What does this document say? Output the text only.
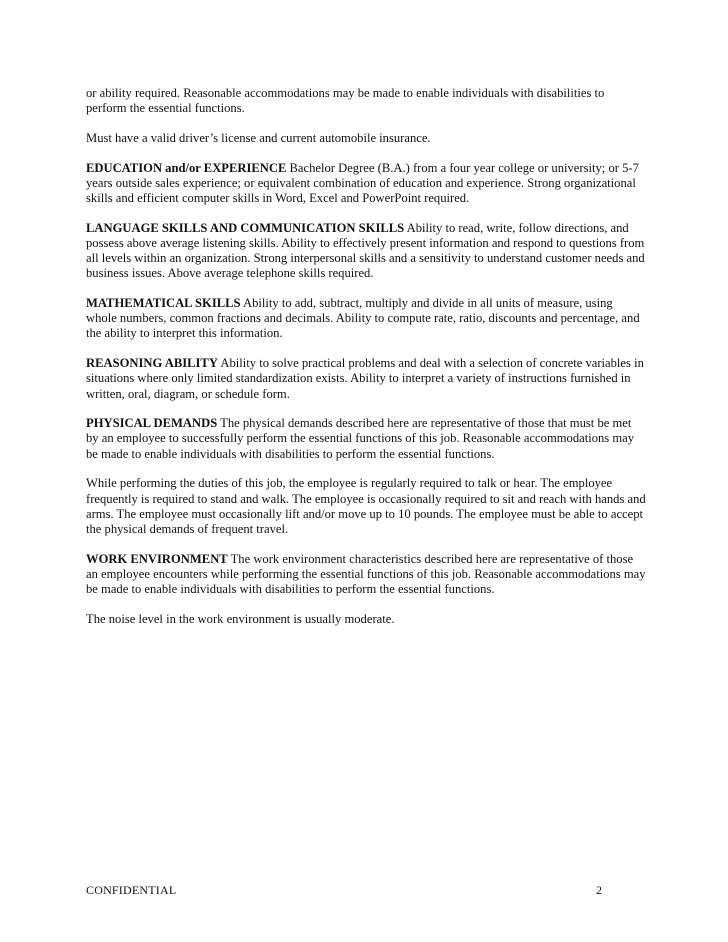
or ability required. Reasonable accommodations may be made to enable individuals with disabilities to perform the essential functions.

Must have a valid driver’s license and current automobile insurance.

EDUCATION and/or EXPERIENCE Bachelor Degree (B.A.) from a four year college or university; or 5-7 years outside sales experience; or equivalent combination of education and experience. Strong organizational skills and efficient computer skills in Word, Excel and PowerPoint required.

LANGUAGE SKILLS AND COMMUNICATION SKILLS Ability to read, write, follow directions, and possess above average listening skills. Ability to effectively present information and respond to questions from all levels within an organization. Strong interpersonal skills and a sensitivity to understand customer needs and business issues. Above average telephone skills required.

MATHEMATICAL SKILLS Ability to add, subtract, multiply and divide in all units of measure, using whole numbers, common fractions and decimals. Ability to compute rate, ratio, discounts and percentage, and the ability to interpret this information.

REASONING ABILITY Ability to solve practical problems and deal with a selection of concrete variables in situations where only limited standardization exists. Ability to interpret a variety of instructions furnished in written, oral, diagram, or schedule form.

PHYSICAL DEMANDS The physical demands described here are representative of those that must be met by an employee to successfully perform the essential functions of this job. Reasonable accommodations may be made to enable individuals with disabilities to perform the essential functions.

While performing the duties of this job, the employee is regularly required to talk or hear. The employee frequently is required to stand and walk. The employee is occasionally required to sit and reach with hands and arms. The employee must occasionally lift and/or move up to 10 pounds. The employee must be able to accept the physical demands of frequent travel.

WORK ENVIRONMENT The work environment characteristics described here are representative of those an employee encounters while performing the essential functions of this job. Reasonable accommodations may be made to enable individuals with disabilities to perform the essential functions.

The noise level in the work environment is usually moderate.

CONFIDENTIAL	2
